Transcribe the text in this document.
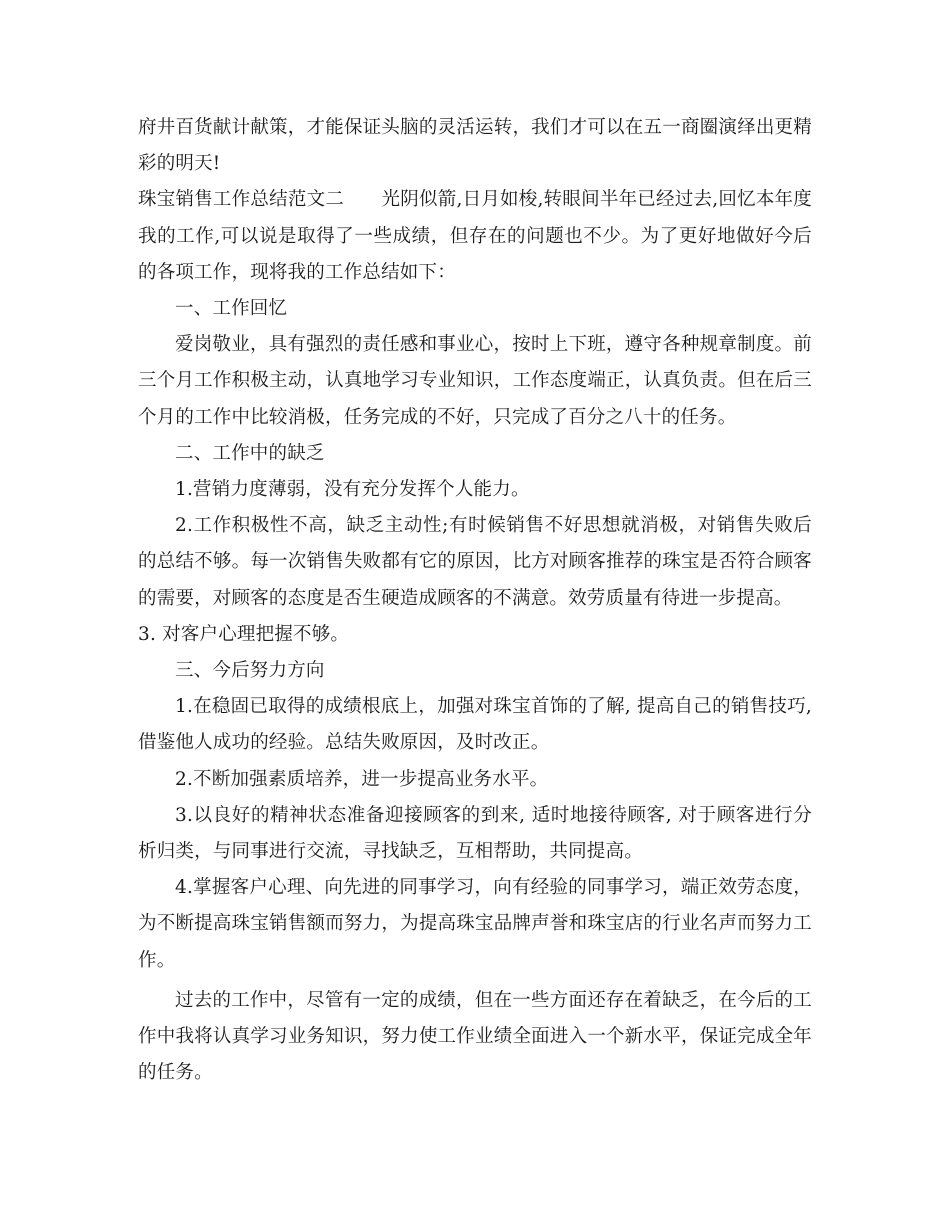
府井百货献计献策，才能保证头脑的灵活运转，我们才可以在五一商圈演绎出更精彩的明天!

珠宝销售工作总结范文二　　光阴似箭,日月如梭,转眼间半年已经过去,回忆本年度我的工作,可以说是取得了一些成绩，但存在的问题也不少。为了更好地做好今后的各项工作，现将我的工作总结如下：

一、工作回忆

爱岗敬业，具有强烈的责任感和事业心，按时上下班，遵守各种规章制度。前三个月工作积极主动，认真地学习专业知识，工作态度端正，认真负责。但在后三个月的工作中比较消极，任务完成的不好，只完成了百分之八十的任务。

二、工作中的缺乏

1.营销力度薄弱，没有充分发挥个人能力。

2.工作积极性不高，缺乏主动性;有时候销售不好思想就消极，对销售失败后的总结不够。每一次销售失败都有它的原因，比方对顾客推荐的珠宝是否符合顾客的需要，对顾客的态度是否生硬造成顾客的不满意。效劳质量有待进一步提高。

3. 对客户心理把握不够。

三、今后努力方向

1.在稳固已取得的成绩根底上，加强对珠宝首饰的了解, 提高自己的销售技巧, 借鉴他人成功的经验。总结失败原因，及时改正。

2.不断加强素质培养，进一步提高业务水平。

3.以良好的精神状态准备迎接顾客的到来, 适时地接待顾客, 对于顾客进行分析归类，与同事进行交流，寻找缺乏，互相帮助，共同提高。

4.掌握客户心理、向先进的同事学习，向有经验的同事学习，端正效劳态度，为不断提高珠宝销售额而努力，为提高珠宝品牌声誉和珠宝店的行业名声而努力工作。

过去的工作中，尽管有一定的成绩，但在一些方面还存在着缺乏，在今后的工作中我将认真学习业务知识，努力使工作业绩全面进入一个新水平，保证完成全年的任务。
